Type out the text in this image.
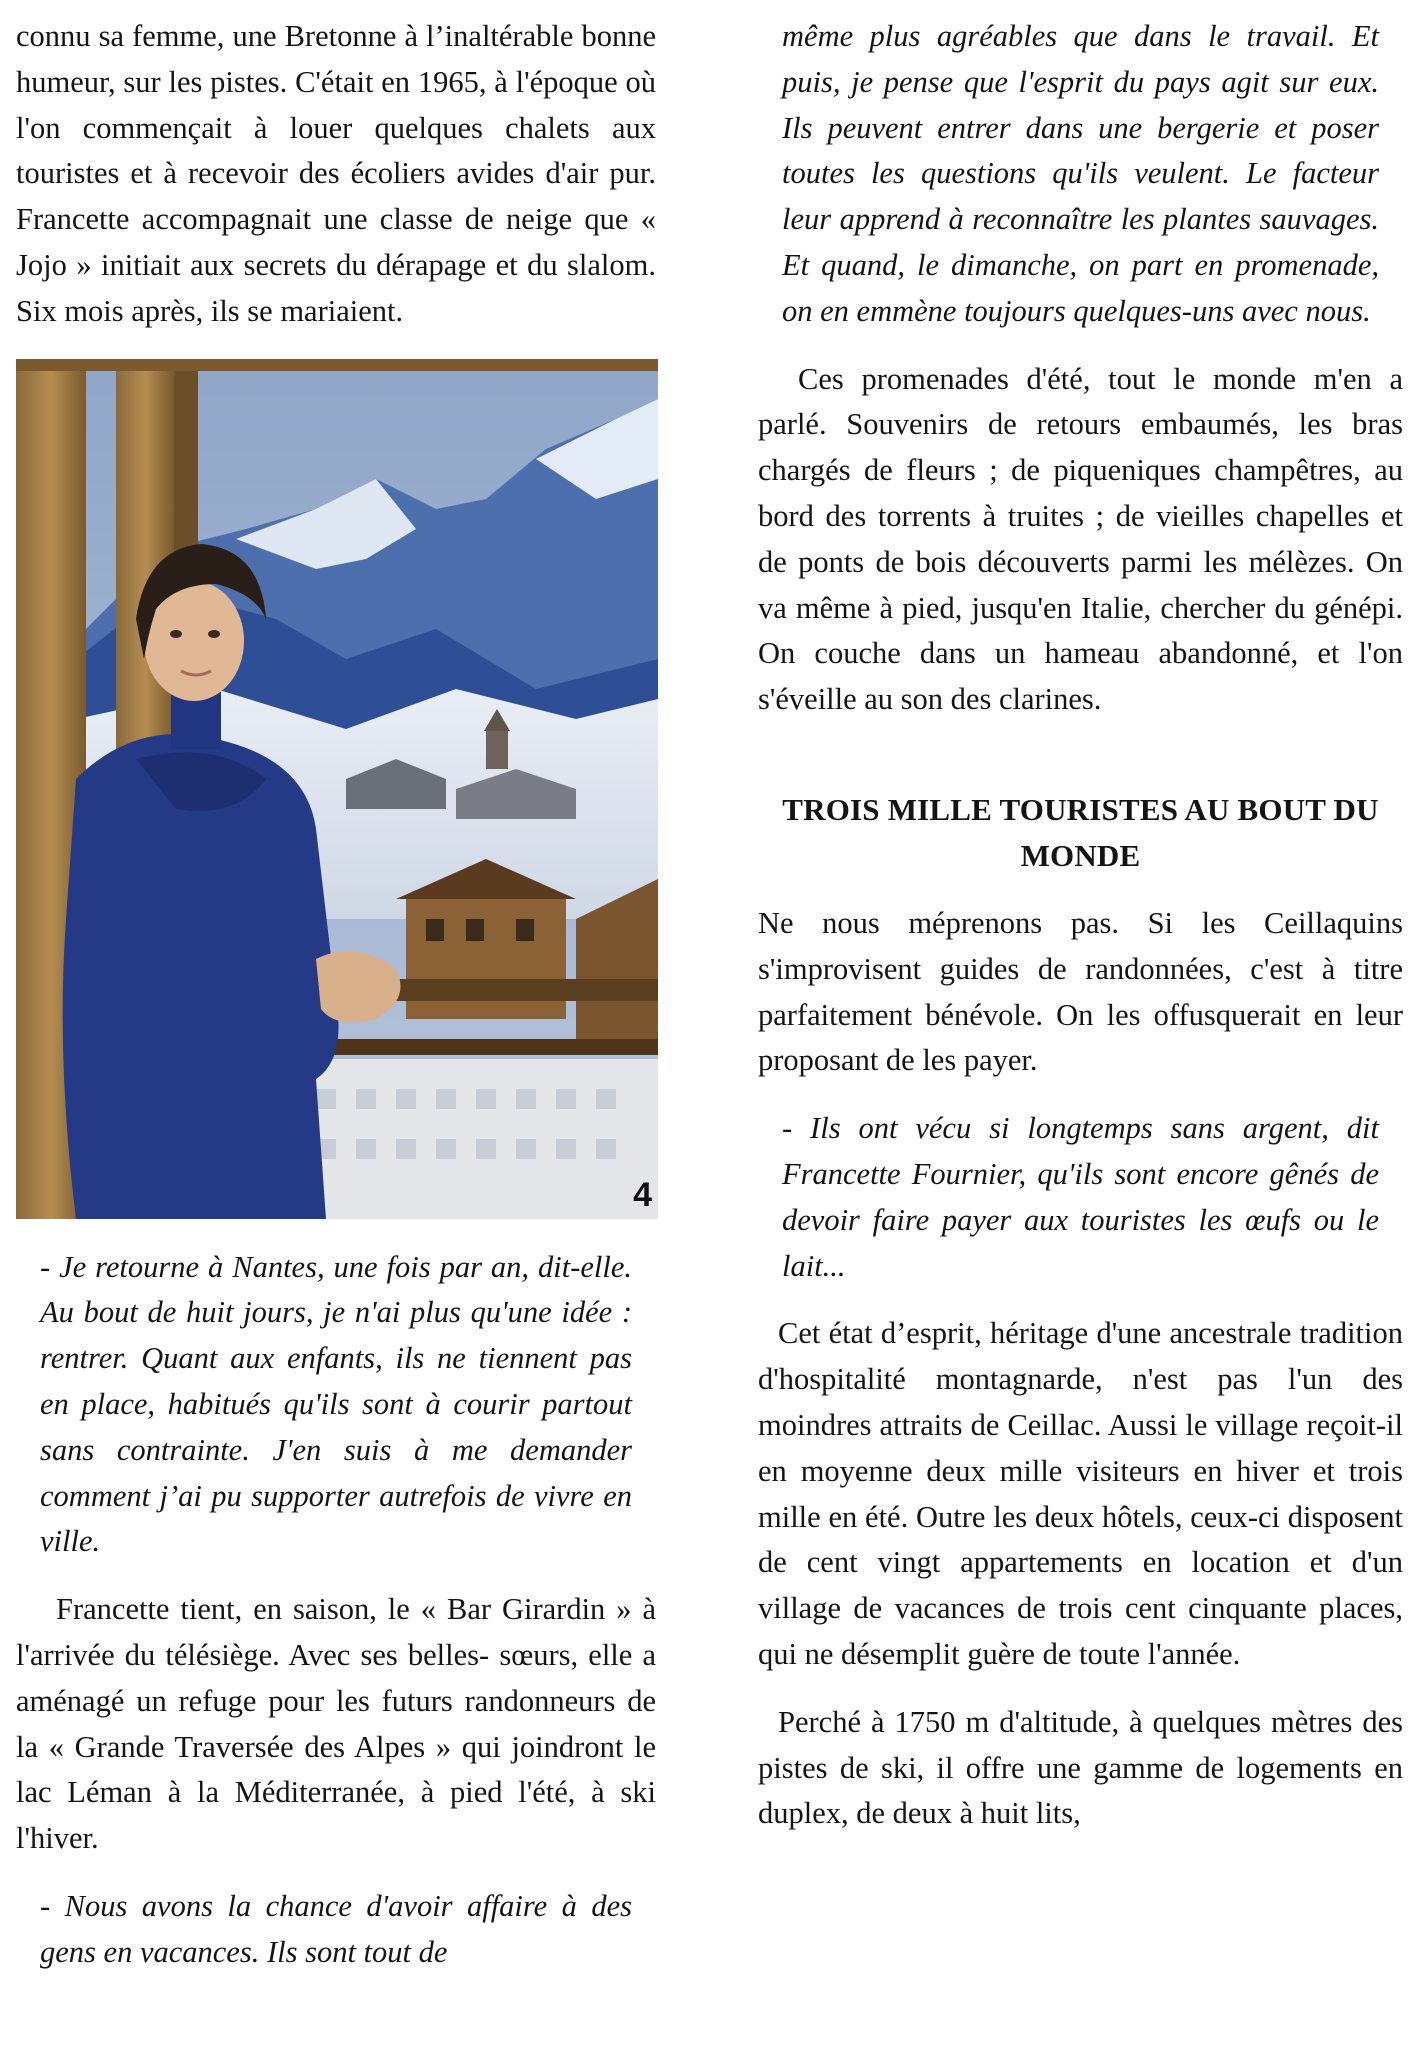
connu sa femme, une Bretonne à l’inaltérable bonne humeur, sur les pistes. C'était en 1965, à l'époque où l'on commençait à louer quelques chalets aux touristes et à recevoir des écoliers avides d'air pur. Francette accompagnait une classe de neige que « Jojo » initiait aux secrets du dérapage et du slalom. Six mois après, ils se mariaient.

4

- Je retourne à Nantes, une fois par an, dit-elle. Au bout de huit jours, je n'ai plus qu'une idée : rentrer. Quant aux enfants, ils ne tiennent pas en place, habitués qu'ils sont à courir partout sans contrainte. J'en suis à me demander comment j’ai pu supporter autrefois de vivre en ville.

Francette tient, en saison, le « Bar Girardin » à l'arrivée du télésiège. Avec ses belles- sœurs, elle a aménagé un refuge pour les futurs randonneurs de la « Grande Traversée des Alpes » qui joindront le lac Léman à la Méditerranée, à pied l'été, à ski l'hiver.

- Nous avons la chance d'avoir affaire à des gens en vacances. Ils sont tout de

même plus agréables que dans le travail. Et puis, je pense que l'esprit du pays agit sur eux. Ils peuvent entrer dans une bergerie et poser toutes les questions qu'ils veulent. Le facteur leur apprend à reconnaître les plantes sauvages. Et quand, le dimanche, on part en promenade, on en emmène toujours quelques-uns avec nous.

Ces promenades d'été, tout le monde m'en a parlé. Souvenirs de retours embaumés, les bras chargés de fleurs ; de piqueniques champêtres, au bord des torrents à truites ; de vieilles chapelles et de ponts de bois découverts parmi les mélèzes. On va même à pied, jusqu'en Italie, chercher du génépi. On couche dans un hameau abandonné, et l'on s'éveille au son des clarines.

TROIS MILLE TOURISTES AU BOUT DU MONDE

Ne nous méprenons pas. Si les Ceillaquins s'improvisent guides de randonnées, c'est à titre parfaitement bénévole. On les offusquerait en leur proposant de les payer.

- Ils ont vécu si longtemps sans argent, dit Francette Fournier, qu'ils sont encore gênés de devoir faire payer aux touristes les œufs ou le lait...

Cet état d’esprit, héritage d'une ancestrale tradition d'hospitalité montagnarde, n'est pas l'un des moindres attraits de Ceillac. Aussi le village reçoit-il en moyenne deux mille visiteurs en hiver et trois mille en été. Outre les deux hôtels, ceux-ci disposent de cent vingt appartements en location et d'un village de vacances de trois cent cinquante places, qui ne désemplit guère de toute l'année.

Perché à 1750 m d'altitude, à quelques mètres des pistes de ski, il offre une gamme de logements en duplex, de deux à huit lits,
